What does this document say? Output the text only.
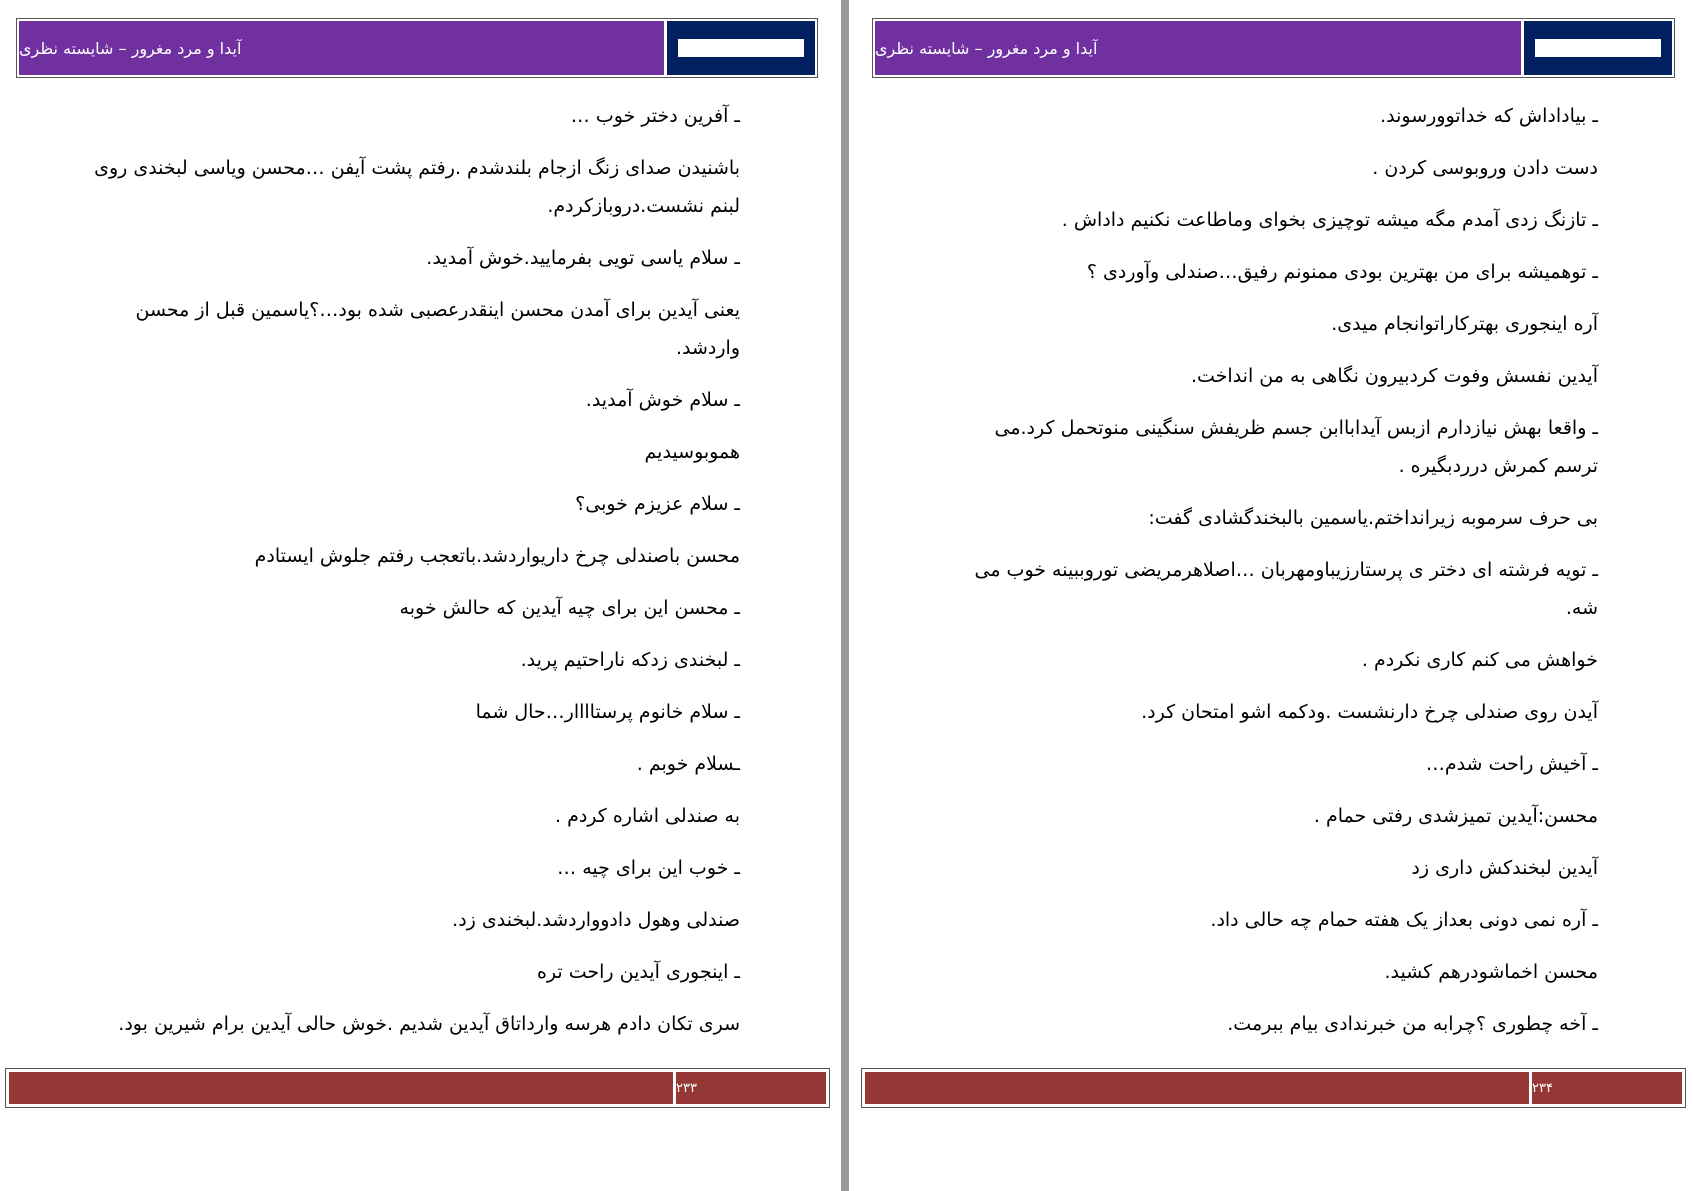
آیدا و مرد مغرور – شایسته نظری

ـ آفرین دختر خوب …

باشنیدن صدای زنگ ازجام بلندشدم .رفتم پشت آیفن …محسن ویاسی لبخندی روی لبنم نشست.دروبازکردم.

ـ سلام یاسی تویی بفرمایید.خوش آمدید.

یعنی آیدین برای آمدن محسن اینقدرعصبی شده بود…؟یاسمین قبل از محسن واردشد.

ـ سلام خوش آمدید.

هموبوسیدیم

ـ سلام عزیزم خوبی؟

محسن باصندلی چرخ داریواردشد.باتعجب رفتم جلوش ایستادم

ـ محسن این برای چیه آیدین که حالش خوبه

ـ لبخندی زدکه ناراحتیم پرید.

ـ سلام خانوم پرستاااار…حال شما

ـسلام خوبم .

به صندلی اشاره کردم .

ـ خوب این برای چیه …

صندلی وهول دادوواردشد.لبخندی زد.

ـ اینجوری آیدین راحت تره

سری تکان دادم هرسه وارداتاق آیدین شدیم .خوش حالی آیدین برام شیرین بود.

۲۳۳
آیدا و مرد مغرور – شایسته نظری

ـ بیاداداش که خداتوورسوند.

دست دادن وروبوسی کردن .

ـ تازنگ زدی آمدم مگه میشه توچیزی بخوای وماطاعت نکنیم داداش .

ـ توهمیشه برای من بهترین بودی ممنونم رفیق…صندلی وآوردی ؟

آره اینجوری بهترکاراتوانجام میدی.

آیدین نفسش وفوت کردبیرون نگاهی به من انداخت.

ـ واقعا بهش نیازدارم ازبس آیداباابن جسم ظریفش سنگینی منوتحمل کرد.می ترسم کمرش درردبگیره .

بی حرف سرموبه زیرانداختم.یاسمین بالبخندگشادی گفت:

ـ تویه فرشته ای دختر ی پرستارزیباومهربان …اصلاهرمریضی توروببینه خوب می شه.

خواهش می کنم کاری نکردم .

آیدن روی صندلی چرخ دارنشست .ودکمه اشو امتحان کرد.

ـ آخیش راحت شدم…

محسن:آیدین تمیزشدی رفتی حمام .

آیدین لبخندکش داری زد

ـ آره نمی دونی بعداز یک هفته حمام چه حالی داد.

محسن اخماشودرهم کشید.

ـ آخه چطوری ؟چرابه من خبرندادی بیام ببرمت.

۲۳۴
